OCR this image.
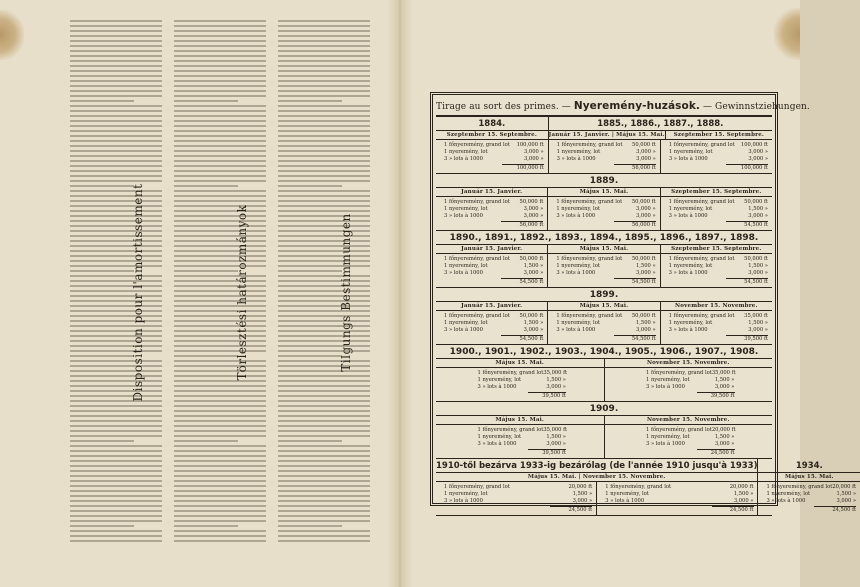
Tilgungs Bestimmungen
Törlesztési határozmányok
Disposition pour l'amortissement
Tirage au sort des primes. — Nyeremény-huzások. — Gewinnstziehungen.
1884.
Szeptember 15. Septembre.
1 főnyeremény, grand lot 100,000 ft
1 nyeremény, lot	3,000 »
3 » lots à 1000	3,000 »
100,000 ft
1885., 1886., 1887., 1888.
Január 15. Janvier. | Május 15. Mai.	Szeptember 15. Septembre.
1 főnyeremény, grand lot 50,000 ft
1 nyeremény, lot	3,000 »
3 » lots à 1000	3,000 »
56,000 ft
1 főnyeremény, grand lot 100,000 ft
1 nyeremény, lot	3,000 »
3 » lots à 1000	3,000 »
100,000 ft
1889.
Január 15. Janvier.
1 főnyeremény, grand lot 50,000 ft
1 nyeremény, lot	3,000 »
3 » lots à 1000	3,000 »
56,000 ft
Május 15. Mai.
1 főnyeremény, grand lot 50,000 ft
1 nyeremény, lot	3,000 »
3 » lots à 1000	3,000 »
56,000 ft
Szeptember 15. Septembre.
1 főnyeremény, grand lot 50,000 ft
1 nyeremény, lot	1,500 »
3 » lots à 1000	3,000 »
54,500 ft
1890., 1891., 1892., 1893., 1894., 1895., 1896., 1897., 1898.
Január 15. Janvier.
1 főnyeremény, grand lot 50,000 ft
1 nyeremény, lot	1,500 »
3 » lots à 1000	3,000 »
54,500 ft
Május 15. Mai.
1 főnyeremény, grand lot 50,000 ft
1 nyeremény, lot	1,500 »
3 » lots à 1000	3,000 »
54,500 ft
Szeptember 15. Septembre.
1 főnyeremény, grand lot 50,000 ft
1 nyeremény, lot	1,500 »
3 » lots à 1000	3,000 »
54,500 ft
1899.
Január 15. Janvier.
1 főnyeremény, grand lot 50,000 ft
1 nyeremény, lot	1,500 »
3 » lots à 1000	3,000 »
54,500 ft
Május 15. Mai.
1 főnyeremény, grand lot 50,000 ft
1 nyeremény, lot	1,500 »
3 » lots à 1000	3,000 »
54,500 ft
November 15. Novembre.
1 főnyeremény, grand lot 35,000 ft
1 nyeremény, lot	1,500 »
3 » lots à 1000	3,000 »
39,500 ft
1900., 1901., 1902., 1903., 1904., 1905., 1906., 1907., 1908.
Május 15. Mai.
1 főnyeremény, grand lot 35,000 ft
1 nyeremény, lot	1,500 »
3 » lots à 1000	3,000 »
39,500 ft
November 15. Novembre.
1 főnyeremény, grand lot 35,000 ft
1 nyeremény, lot	1,500 »
3 » lots à 1000	3,000 »
39,500 ft
1909.
Május 15. Mai.
1 főnyeremény, grand lot 35,000 ft
1 nyeremény, lot	1,500 »
3 » lots à 1000	3,000 »
39,500 ft
November 15. Novembre.
1 főnyeremény, grand lot 20,000 ft
1 nyeremény, lot	1,500 »
3 » lots à 1000	3,000 »
24,500 ft
1910-től bezárva 1933-ig bezárólag (de l'année 1910 jusqu'à 1933)
Május 15. Mai. | November 15. Novembre.
1 főnyeremény, grand lot	20,000 ft
1 nyeremény, lot	1,500 »
3 » lots à 1000	3,000 »
24,500 ft
1 főnyeremény, grand lot	20,000 ft
1 nyeremény, lot	1,500 »
3 » lots à 1000	3,000 »
24,500 ft
1934.
Május 15. Mai.
1 főnyeremény, grand lot 20,000 ft
1 nyeremény, lot	1,500 »
3 » lots à 1000	3,000 »
24,500 ft
